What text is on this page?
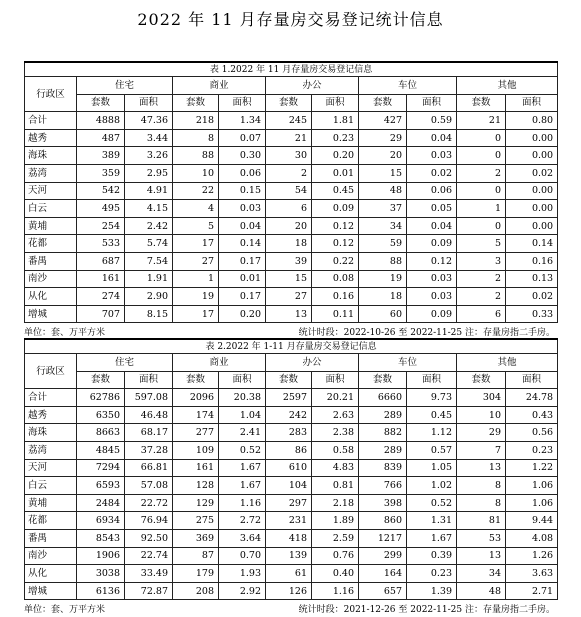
2022 年 11 月存量房交易登记统计信息
表 1.2022 年 11 月存量房交易登记信息										
行政区	住宅		商业		办公		车位		其他	
	套数	面积	套数	面积	套数	面积	套数	面积	套数	面积
合计	4888	47.36	218	1.34	245	1.81	427	0.59	21	0.80
越秀	487	3.44	8	0.07	21	0.23	29	0.04	0	0.00
海珠	389	3.26	88	0.30	30	0.20	20	0.03	0	0.00
荔湾	359	2.95	10	0.06	2	0.01	15	0.02	2	0.02
天河	542	4.91	22	0.15	54	0.45	48	0.06	0	0.00
白云	495	4.15	4	0.03	6	0.09	37	0.05	1	0.00
黄埔	254	2.42	5	0.04	20	0.12	34	0.04	0	0.00
花都	533	5.74	17	0.14	18	0.12	59	0.09	5	0.14
番禺	687	7.54	27	0.17	39	0.22	88	0.12	3	0.16
南沙	161	1.91	1	0.01	15	0.08	19	0.03	2	0.13
从化	274	2.90	19	0.17	27	0.16	18	0.03	2	0.02
增城	707	8.15	17	0.20	13	0.11	60	0.09	6	0.33
单位：套、万平方米	统计时段：2022-10-26 至 2022-11-25 注：存量房指二手房。
表 2.2022 年 1-11 月存量房交易登记信息										
行政区	住宅		商业		办公		车位		其他	
	套数	面积	套数	面积	套数	面积	套数	面积	套数	面积
合计	62786	597.08	2096	20.38	2597	20.21	6660	9.73	304	24.78
越秀	6350	46.48	174	1.04	242	2.63	289	0.45	10	0.43
海珠	8663	68.17	277	2.41	283	2.38	882	1.12	29	0.56
荔湾	4845	37.28	109	0.52	86	0.58	289	0.57	7	0.23
天河	7294	66.81	161	1.67	610	4.83	839	1.05	13	1.22
白云	6593	57.08	128	1.67	104	0.81	766	1.02	8	1.06
黄埔	2484	22.72	129	1.16	297	2.18	398	0.52	8	1.06
花都	6934	76.94	275	2.72	231	1.89	860	1.31	81	9.44
番禺	8543	92.50	369	3.64	418	2.59	1217	1.67	53	4.08
南沙	1906	22.74	87	0.70	139	0.76	299	0.39	13	1.26
从化	3038	33.49	179	1.93	61	0.40	164	0.23	34	3.63
增城	6136	72.87	208	2.92	126	1.16	657	1.39	48	2.71
单位：套、万平方米	统计时段：2021-12-26 至 2022-11-25 注：存量房指二手房。
